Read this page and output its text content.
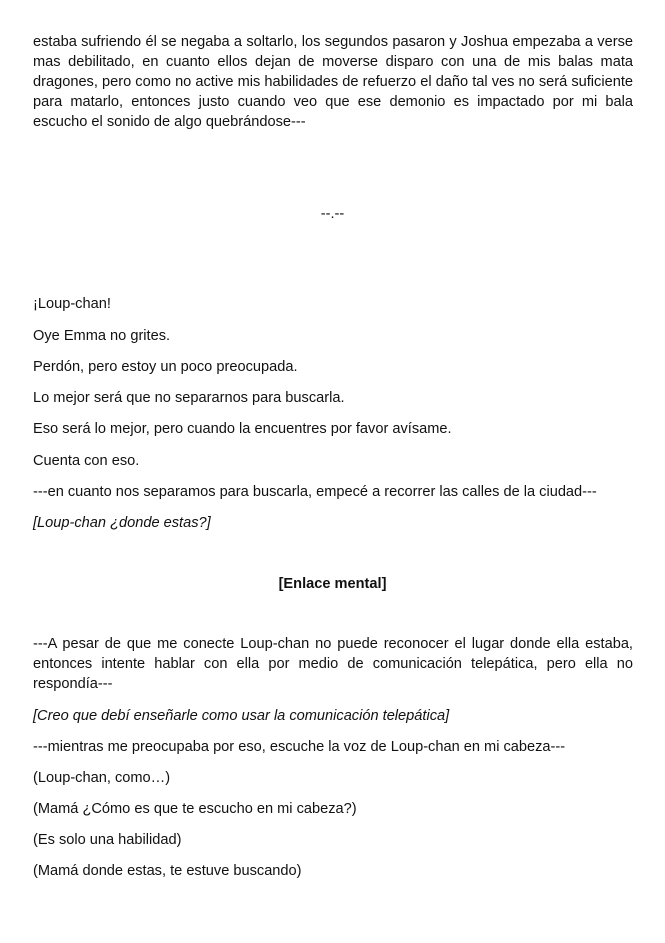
estaba sufriendo él se negaba a soltarlo, los segundos pasaron y Joshua empezaba a verse mas debilitado, en cuanto ellos dejan de moverse disparo con una de mis balas mata dragones, pero como no active mis habilidades de refuerzo el daño tal ves no será suficiente para matarlo, entonces justo cuando veo que ese demonio es impactado por mi bala escucho el sonido de algo quebrándose---

--.--

¡Loup-chan!

Oye Emma no grites.

Perdón, pero estoy un poco preocupada.

Lo mejor será que no separarnos para buscarla.

Eso será lo mejor, pero cuando la encuentres por favor avísame.

Cuenta con eso.

---en cuanto nos separamos para buscarla, empecé a recorrer las calles de la ciudad---

[Loup-chan ¿donde estas?]

[Enlace mental]

---A pesar de que me conecte Loup-chan no puede reconocer el lugar donde ella estaba, entonces intente hablar con ella por medio de comunicación telepática, pero ella no respondía---

[Creo que debí enseñarle como usar la comunicación telepática]

---mientras me preocupaba por eso, escuche la voz de Loup-chan en mi cabeza---

(Loup-chan, como…)

(Mamá ¿Cómo es que te escucho en mi cabeza?)

(Es solo una habilidad)

(Mamá donde estas, te estuve buscando)
